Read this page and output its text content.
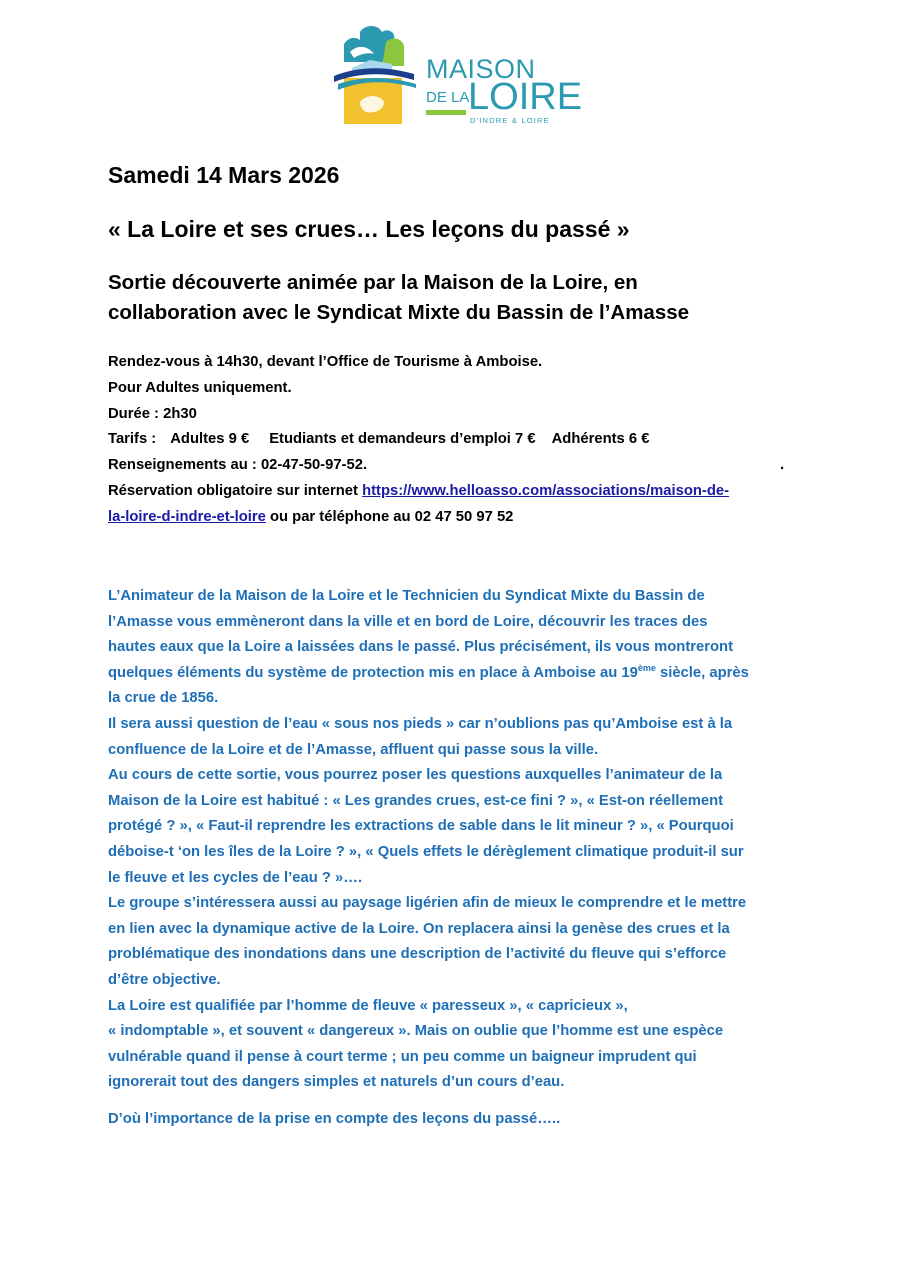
MAISON
DE LA
LOIRE
D'INDRE & LOIRE
Samedi 14 Mars 2026
« La Loire et ses crues… Les leçons du passé »
Sortie découverte animée par la Maison de la Loire, en
collaboration avec le Syndicat Mixte du Bassin de l’Amasse
Rendez-vous à 14h30, devant l’Office de Tourisme à Amboise.
Pour Adultes uniquement.
Durée : 2h30
Tarifs : Adultes 9 € Etudiants et demandeurs d’emploi 7 € Adhérents 6 €
Renseignements au : 02-47-50-97-52.	.
Réservation obligatoire sur internet https://www.helloasso.com/associations/maison-de-
la-loire-d-indre-et-loire ou par téléphone au 02 47 50 97 52
L’Animateur de la Maison de la Loire et le Technicien du Syndicat Mixte du Bassin de
l’Amasse vous emmèneront dans la ville et en bord de Loire, découvrir les traces des
hautes eaux que la Loire a laissées dans le passé. Plus précisément, ils vous montreront
quelques éléments du système de protection mis en place à Amboise au 19ème siècle, après
la crue de 1856.
Il sera aussi question de l’eau « sous nos pieds » car n’oublions pas qu’Amboise est à la
confluence de la Loire et de l’Amasse, affluent qui passe sous la ville.
Au cours de cette sortie, vous pourrez poser les questions auxquelles l’animateur de la
Maison de la Loire est habitué : « Les grandes crues, est-ce fini ? », « Est-on réellement
protégé ? », « Faut-il reprendre les extractions de sable dans le lit mineur ? », « Pourquoi
déboise-t ‘on les îles de la Loire ? », « Quels effets le dérèglement climatique produit-il sur
le fleuve et les cycles de l’eau ? »….
Le groupe s’intéressera aussi au paysage ligérien afin de mieux le comprendre et le mettre
en lien avec la dynamique active de la Loire. On replacera ainsi la genèse des crues et la
problématique des inondations dans une description de l’activité du fleuve qui s’efforce
d’être objective.
La Loire est qualifiée par l’homme de fleuve « paresseux », « capricieux »,
« indomptable », et souvent « dangereux ». Mais on oublie que l’homme est une espèce
vulnérable quand il pense à court terme ; un peu comme un baigneur imprudent qui
ignorerait tout des dangers simples et naturels d’un cours d’eau.
D’où l’importance de la prise en compte des leçons du passé…..
